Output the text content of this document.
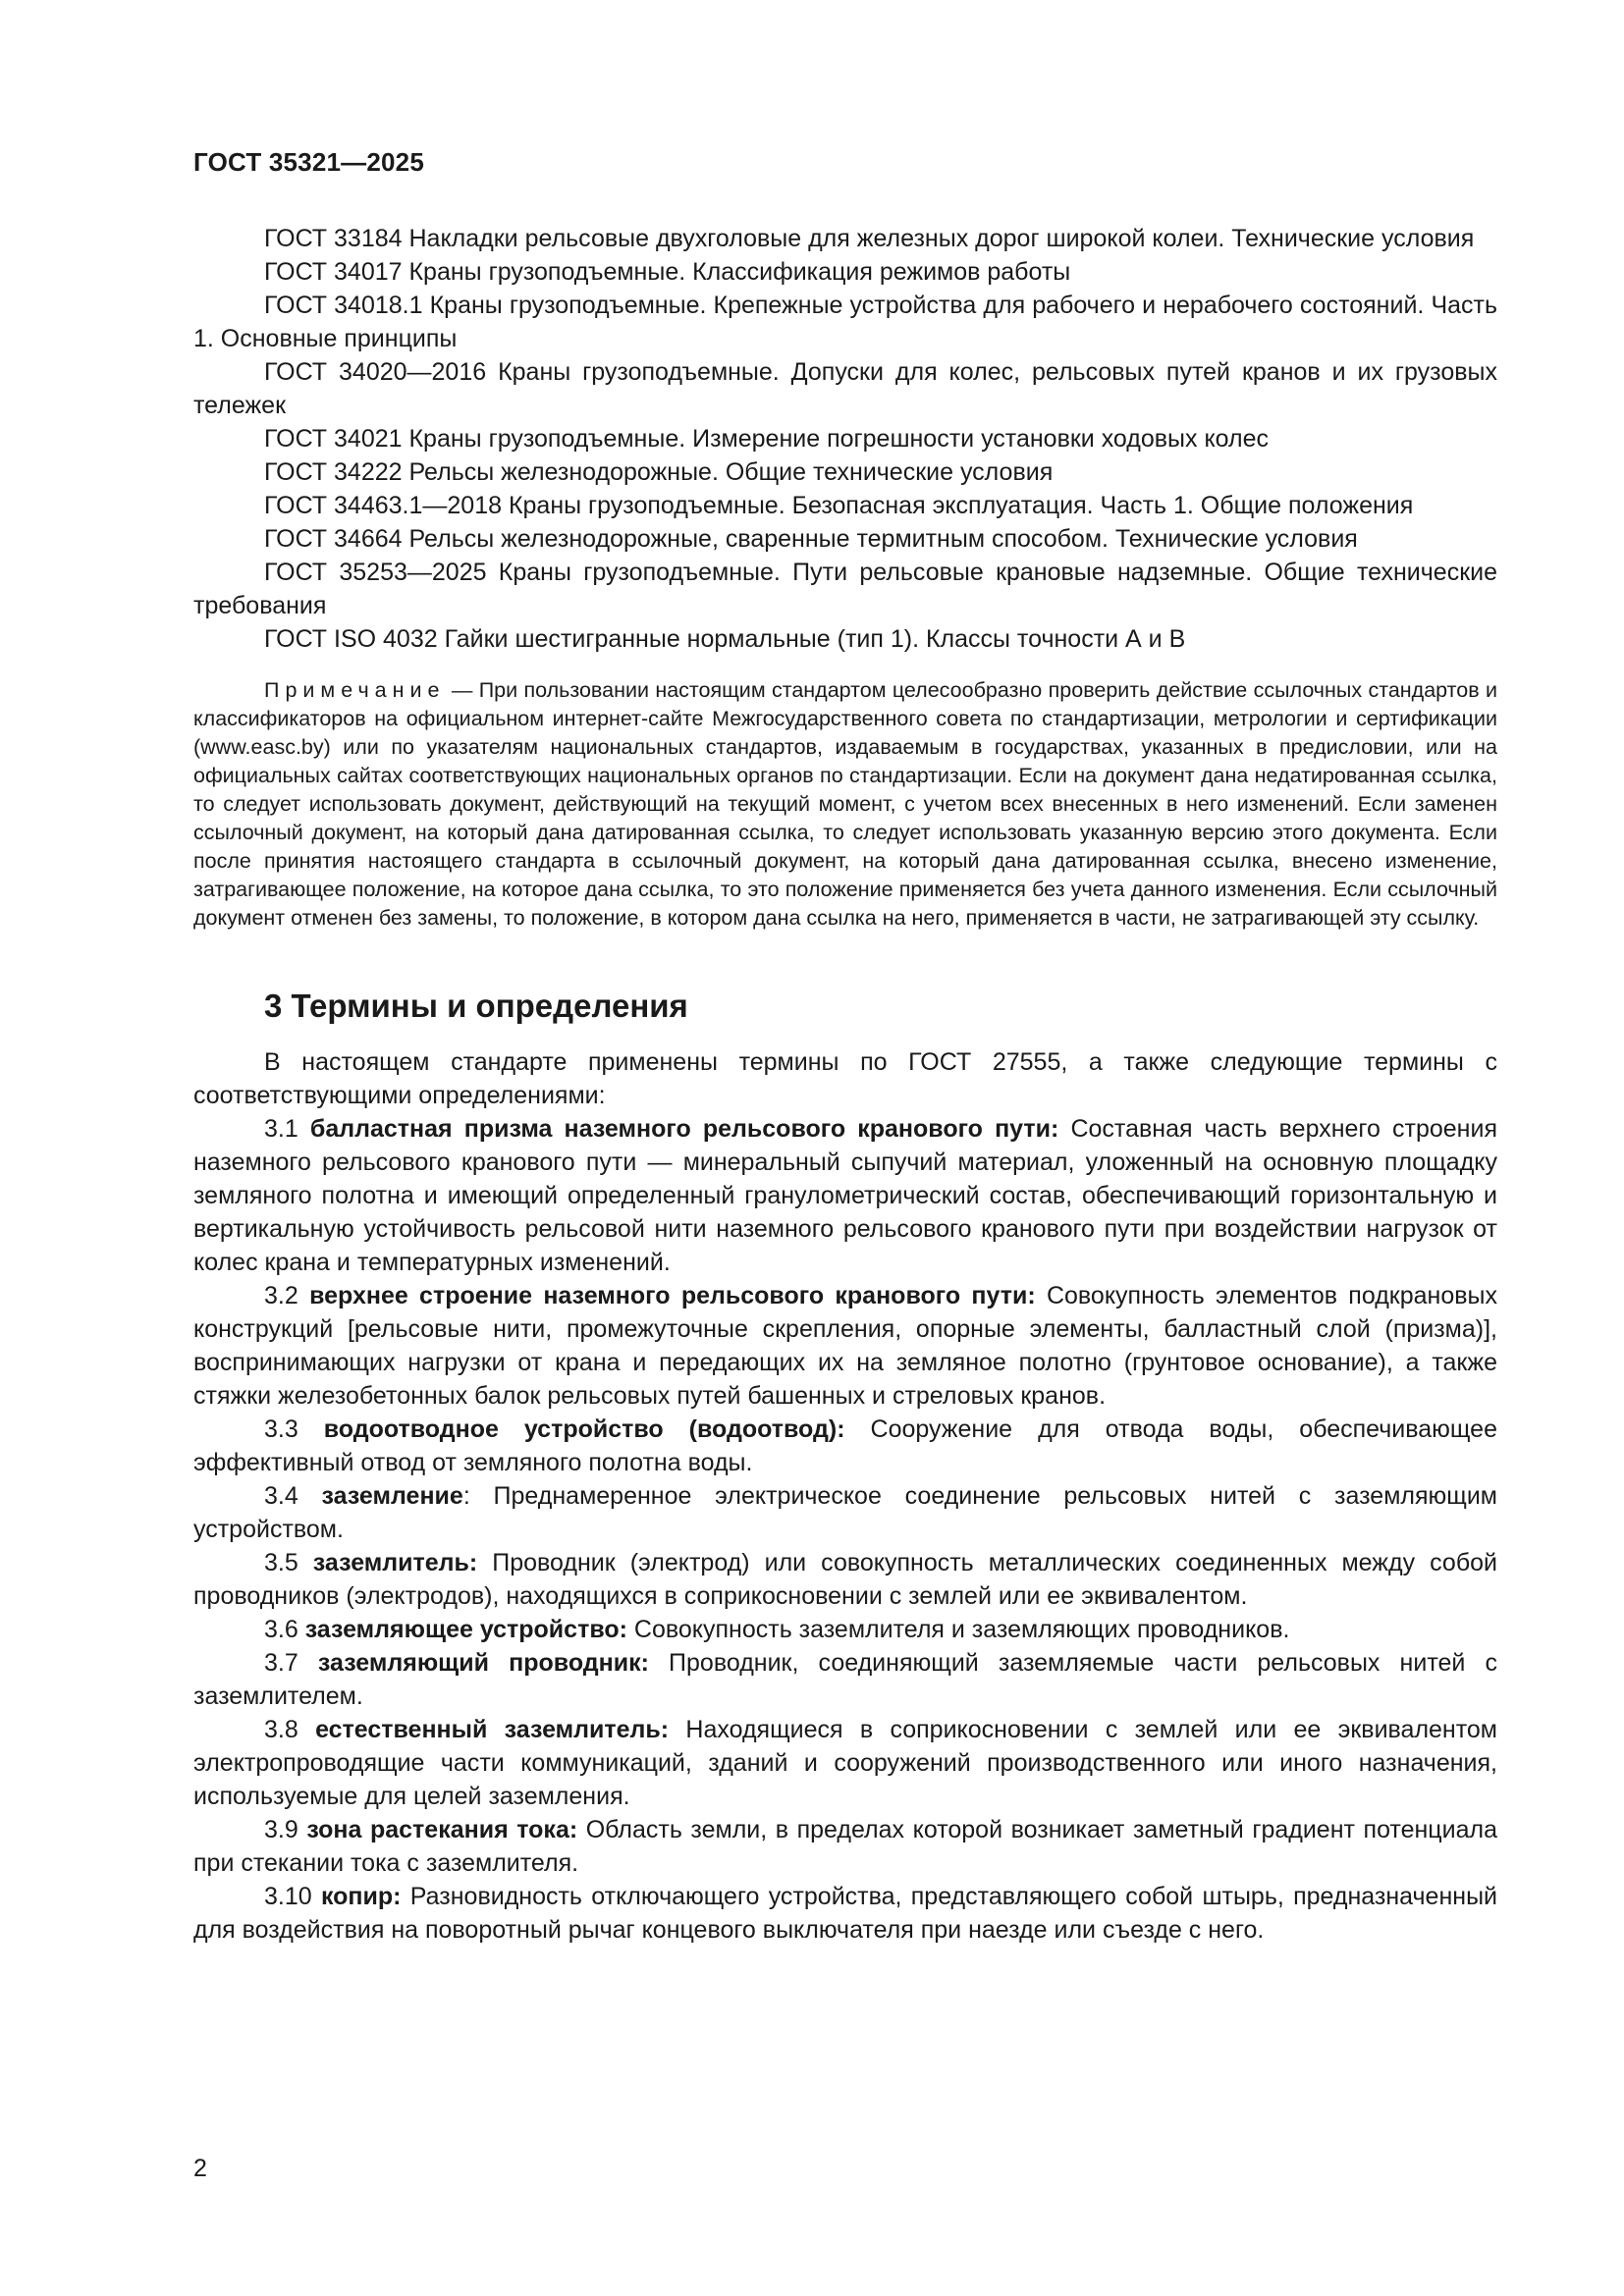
ГОСТ 35321—2025

ГОСТ 33184 Накладки рельсовые двухголовые для железных дорог широкой колеи. Технические условия

ГОСТ 34017 Краны грузоподъемные. Классификация режимов работы

ГОСТ 34018.1 Краны грузоподъемные. Крепежные устройства для рабочего и нерабочего состояний. Часть 1. Основные принципы

ГОСТ 34020—2016 Краны грузоподъемные. Допуски для колес, рельсовых путей кранов и их грузовых тележек

ГОСТ 34021 Краны грузоподъемные. Измерение погрешности установки ходовых колес

ГОСТ 34222 Рельсы железнодорожные. Общие технические условия

ГОСТ 34463.1—2018 Краны грузоподъемные. Безопасная эксплуатация. Часть 1. Общие положения

ГОСТ 34664 Рельсы железнодорожные, сваренные термитным способом. Технические условия

ГОСТ 35253—2025 Краны грузоподъемные. Пути рельсовые крановые надземные. Общие технические требования

ГОСТ ISO 4032 Гайки шестигранные нормальные (тип 1). Классы точности А и В

Примечание — При пользовании настоящим стандартом целесообразно проверить действие ссылочных стандартов и классификаторов на официальном интернет-сайте Межгосударственного совета по стандартизации, метрологии и сертификации (www.easc.by) или по указателям национальных стандартов, издаваемым в государствах, указанных в предисловии, или на официальных сайтах соответствующих национальных органов по стандартизации. Если на документ дана недатированная ссылка, то следует использовать документ, действующий на текущий момент, с учетом всех внесенных в него изменений. Если заменен ссылочный документ, на который дана датированная ссылка, то следует использовать указанную версию этого документа. Если после принятия настоящего стандарта в ссылочный документ, на который дана датированная ссылка, внесено изменение, затрагивающее положение, на которое дана ссылка, то это положение применяется без учета данного изменения. Если ссылочный документ отменен без замены, то положение, в котором дана ссылка на него, применяется в части, не затрагивающей эту ссылку.

3 Термины и определения

В настоящем стандарте применены термины по ГОСТ 27555, а также следующие термины с соответствующими определениями:

3.1 балластная призма наземного рельсового кранового пути: Составная часть верхнего строения наземного рельсового кранового пути — минеральный сыпучий материал, уложенный на основную площадку земляного полотна и имеющий определенный гранулометрический состав, обеспечивающий горизонтальную и вертикальную устойчивость рельсовой нити наземного рельсового кранового пути при воздействии нагрузок от колес крана и температурных изменений.

3.2 верхнее строение наземного рельсового кранового пути: Совокупность элементов подкрановых конструкций [рельсовые нити, промежуточные скрепления, опорные элементы, балластный слой (призма)], воспринимающих нагрузки от крана и передающих их на земляное полотно (грунтовое основание), а также стяжки железобетонных балок рельсовых путей башенных и стреловых кранов.

3.3 водоотводное устройство (водоотвод): Сооружение для отвода воды, обеспечивающее эффективный отвод от земляного полотна воды.

3.4 заземление: Преднамеренное электрическое соединение рельсовых нитей с заземляющим устройством.

3.5 заземлитель: Проводник (электрод) или совокупность металлических соединенных между собой проводников (электродов), находящихся в соприкосновении с землей или ее эквивалентом.

3.6 заземляющее устройство: Совокупность заземлителя и заземляющих проводников.

3.7 заземляющий проводник: Проводник, соединяющий заземляемые части рельсовых нитей с заземлителем.

3.8 естественный заземлитель: Находящиеся в соприкосновении с землей или ее эквивалентом электропроводящие части коммуникаций, зданий и сооружений производственного или иного назначения, используемые для целей заземления.

3.9 зона растекания тока: Область земли, в пределах которой возникает заметный градиент потенциала при стекании тока с заземлителя.

3.10 копир: Разновидность отключающего устройства, представляющего собой штырь, предназначенный для воздействия на поворотный рычаг концевого выключателя при наезде или съезде с него.

2
